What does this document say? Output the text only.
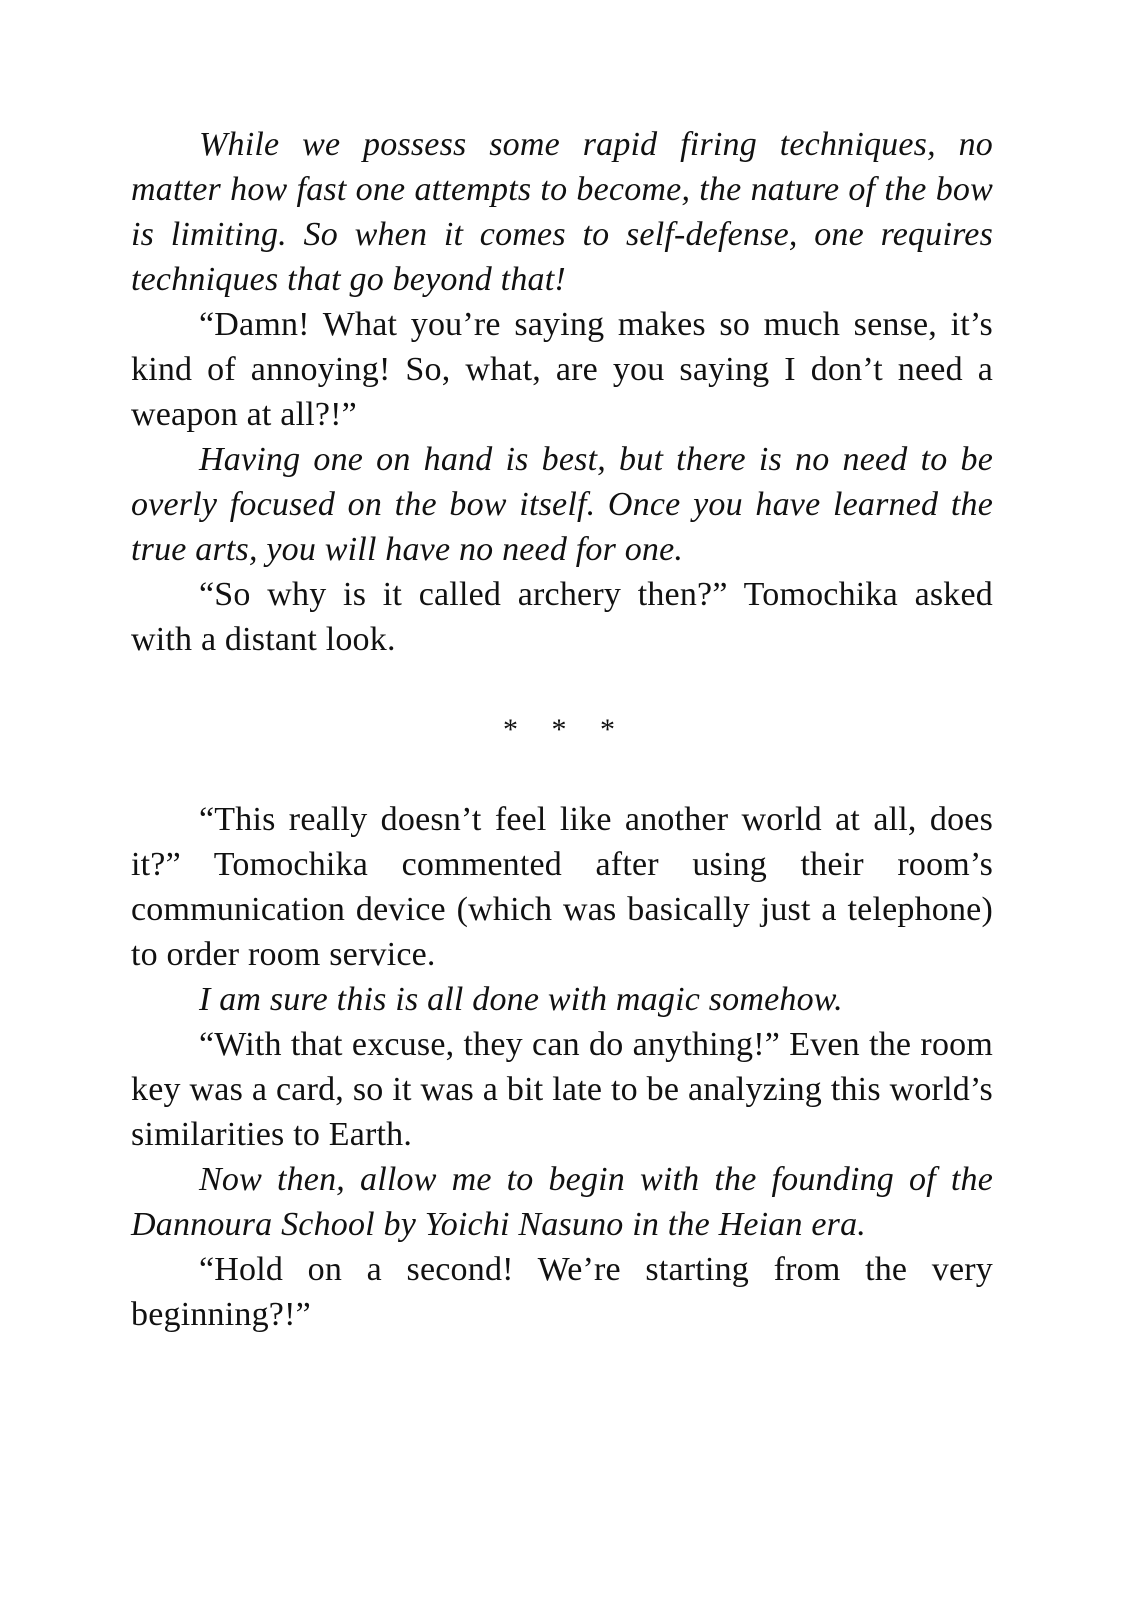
While we possess some rapid firing techniques, no matter how fast one attempts to become, the nature of the bow is limiting. So when it comes to self-defense, one requires techniques that go beyond that!

“Damn! What you’re saying makes so much sense, it’s kind of annoying! So, what, are you saying I don’t need a weapon at all?!”

Having one on hand is best, but there is no need to be overly focused on the bow itself. Once you have learned the true arts, you will have no need for one.

“So why is it called archery then?” Tomochika asked with a distant look.

* * *

“This really doesn’t feel like another world at all, does it?” Tomochika commented after using their room’s communication device (which was basically just a telephone) to order room service.

I am sure this is all done with magic somehow.

“With that excuse, they can do anything!” Even the room key was a card, so it was a bit late to be analyzing this world’s similarities to Earth.

Now then, allow me to begin with the founding of the Dannoura School by Yoichi Nasuno in the Heian era.

“Hold on a second! We’re starting from the very beginning?!”
